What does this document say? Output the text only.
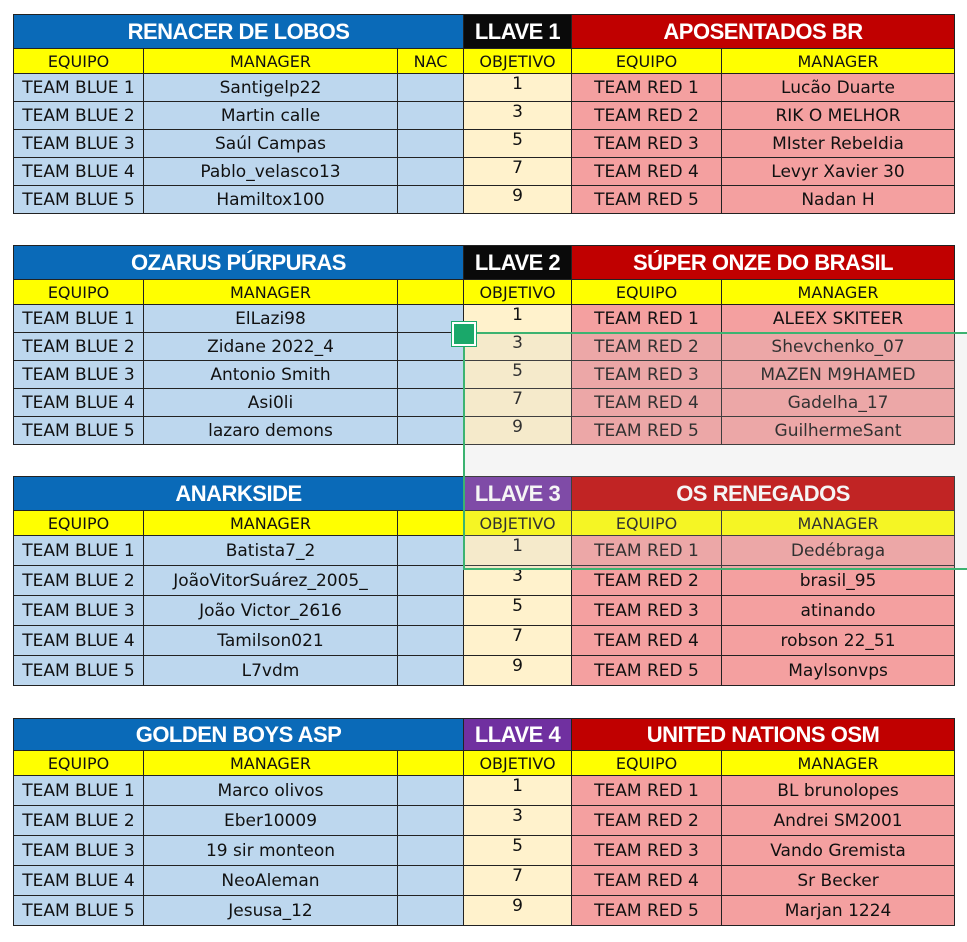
RENACER DE LOBOS			LLAVE 1	APOSENTADOS BR	
EQUIPO	MANAGER	NAC	OBJETIVO	EQUIPO	MANAGER
TEAM BLUE 1	Santigelp22		1	TEAM RED 1	Lucão Duarte
TEAM BLUE 2	Martin calle		3	TEAM RED 2	RIK O MELHOR
TEAM BLUE 3	Saúl Campas		5	TEAM RED 3	MIster RebeIdia
TEAM BLUE 4	Pablo_velasco13		7	TEAM RED 4	Levyr Xavier 30
TEAM BLUE 5	Hamiltox100		9	TEAM RED 5	Nadan H
OZARUS PÚRPURAS			LLAVE 2	SÚPER ONZE DO BRASIL	
EQUIPO	MANAGER		OBJETIVO	EQUIPO	MANAGER
TEAM BLUE 1	ElLazi98		1	TEAM RED 1	ALEEX SKITEER
TEAM BLUE 2	Zidane 2022_4		3	TEAM RED 2	Shevchenko_07
TEAM BLUE 3	Antonio Smith		5	TEAM RED 3	MAZEN M9HAMED
TEAM BLUE 4	Asi0li		7	TEAM RED 4	Gadelha_17
TEAM BLUE 5	lazaro demons		9	TEAM RED 5	GuilhermeSant
ANARKSIDE			LLAVE 3	OS RENEGADOS	
EQUIPO	MANAGER		OBJETIVO	EQUIPO	MANAGER
TEAM BLUE 1	Batista7_2		1	TEAM RED 1	Dedébraga
TEAM BLUE 2	JoãoVitorSuárez_2005_		3	TEAM RED 2	brasil_95
TEAM BLUE 3	João Victor_2616		5	TEAM RED 3	atinando
TEAM BLUE 4	Tamilson021		7	TEAM RED 4	robson 22_51
TEAM BLUE 5	L7vdm		9	TEAM RED 5	Maylsonvps
GOLDEN BOYS ASP			LLAVE 4	UNITED NATIONS OSM	
EQUIPO	MANAGER		OBJETIVO	EQUIPO	MANAGER
TEAM BLUE 1	Marco olivos		1	TEAM RED 1	BL brunolopes
TEAM BLUE 2	Eber10009		3	TEAM RED 2	Andrei SM2001
TEAM BLUE 3	19 sir monteon		5	TEAM RED 3	Vando Gremista
TEAM BLUE 4	NeoAleman		7	TEAM RED 4	Sr Becker
TEAM BLUE 5	Jesusa_12		9	TEAM RED 5	Marjan 1224
